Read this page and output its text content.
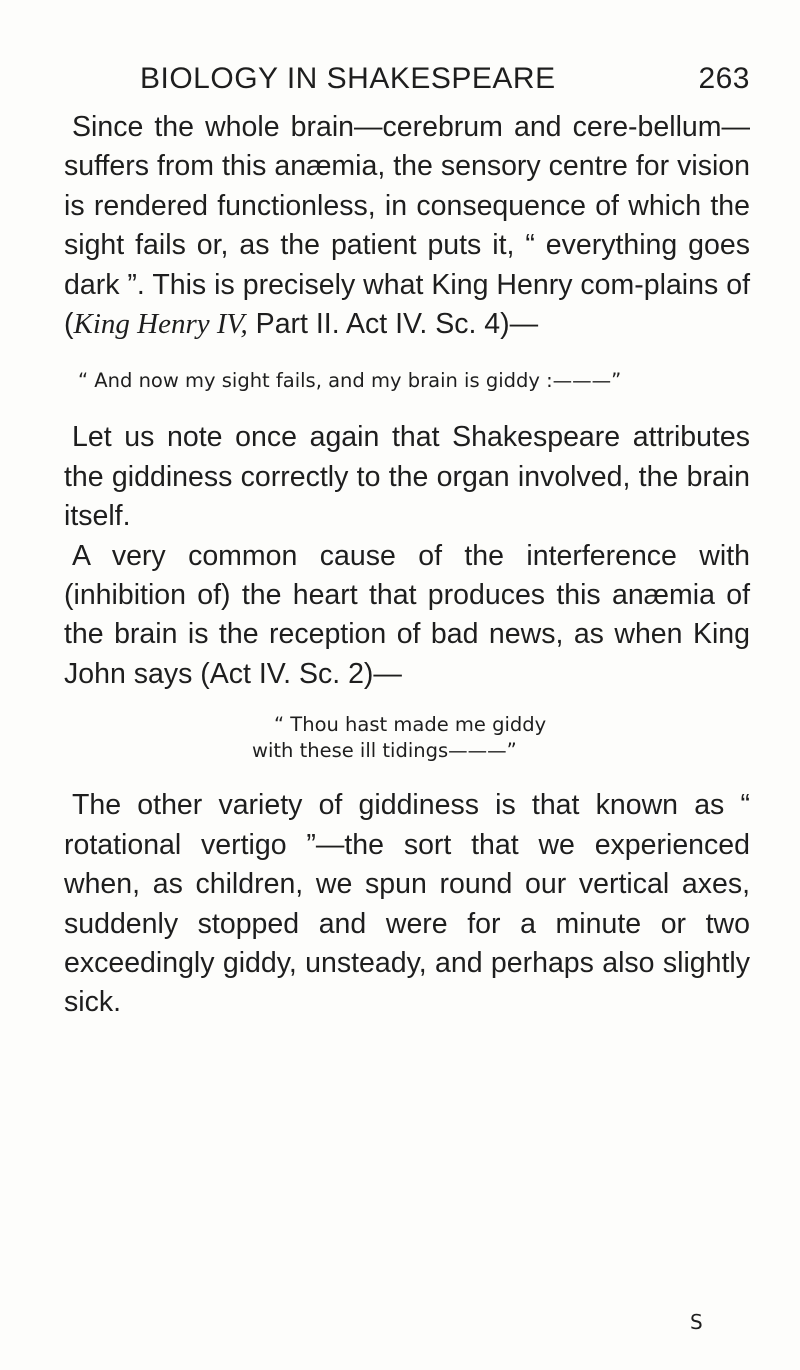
BIOLOGY IN SHAKESPEARE	263

Since the whole brain—cerebrum and cere-bellum—suffers from this anæmia, the sensory centre for vision is rendered functionless, in consequence of which the sight fails or, as the patient puts it, “ everything goes dark ”. This is precisely what King Henry com-plains of (King Henry IV, Part II. Act IV. Sc. 4)—

“ And now my sight fails, and my brain is giddy :———”

Let us note once again that Shakespeare attributes the giddiness correctly to the organ involved, the brain itself.

A very common cause of the interference with (inhibition of) the heart that produces this anæmia of the brain is the reception of bad news, as when King John says (Act IV. Sc. 2)—

“ Thou hast made me giddy
with these ill tidings———”

The other variety of giddiness is that known as “ rotational vertigo ”—the sort that we experienced when, as children, we spun round our vertical axes, suddenly stopped and were for a minute or two exceedingly giddy, unsteady, and perhaps also slightly sick.

S
